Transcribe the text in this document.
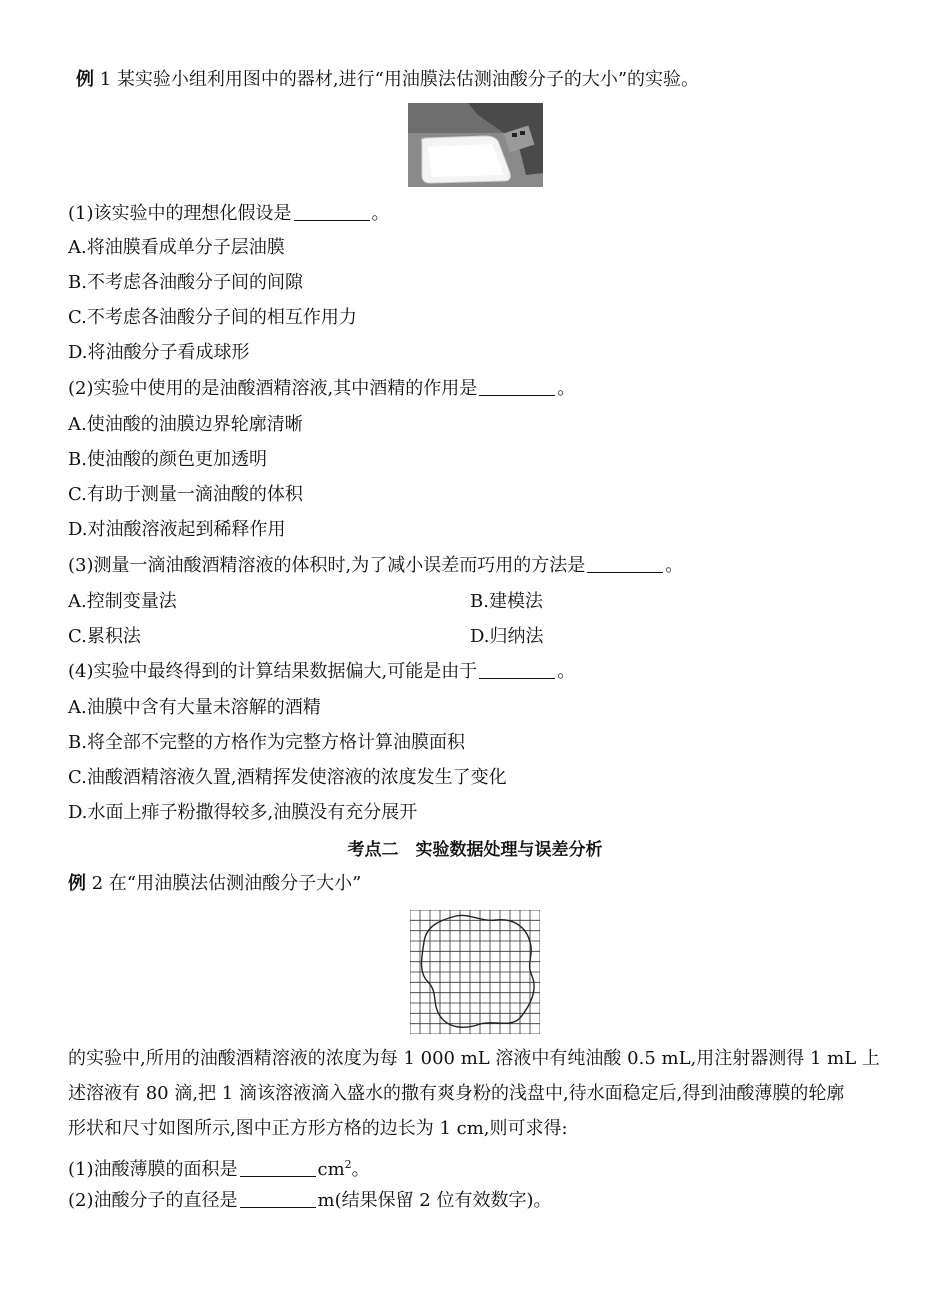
例 1 某实验小组利用图中的器材,进行“用油膜法估测油酸分子的大小”的实验。
(1)该实验中的理想化假设是	。
A.将油膜看成单分子层油膜
B.不考虑各油酸分子间的间隙
C.不考虑各油酸分子间的相互作用力
D.将油酸分子看成球形
(2)实验中使用的是油酸酒精溶液,其中酒精的作用是	。
A.使油酸的油膜边界轮廓清晰
B.使油酸的颜色更加透明
C.有助于测量一滴油酸的体积
D.对油酸溶液起到稀释作用
(3)测量一滴油酸酒精溶液的体积时,为了减小误差而巧用的方法是	。
A.控制变量法	B.建模法
C.累积法	D.归纳法
(4)实验中最终得到的计算结果数据偏大,可能是由于	。
A.油膜中含有大量未溶解的酒精
B.将全部不完整的方格作为完整方格计算油膜面积
C.油酸酒精溶液久置,酒精挥发使溶液的浓度发生了变化
D.水面上痱子粉撒得较多,油膜没有充分展开
考点二　实验数据处理与误差分析
例 2 在“用油膜法估测油酸分子大小”
的实验中,所用的油酸酒精溶液的浓度为每 1 000 mL 溶液中有纯油酸 0.5 mL,用注射器测得 1 mL 上
述溶液有 80 滴,把 1 滴该溶液滴入盛水的撒有爽身粉的浅盘中,待水面稳定后,得到油酸薄膜的轮廓
形状和尺寸如图所示,图中正方形方格的边长为 1 cm,则可求得:
(1)油酸薄膜的面积是	$cm^2$。
(2)油酸分子的直径是	m(结果保留 2 位有效数字)。
